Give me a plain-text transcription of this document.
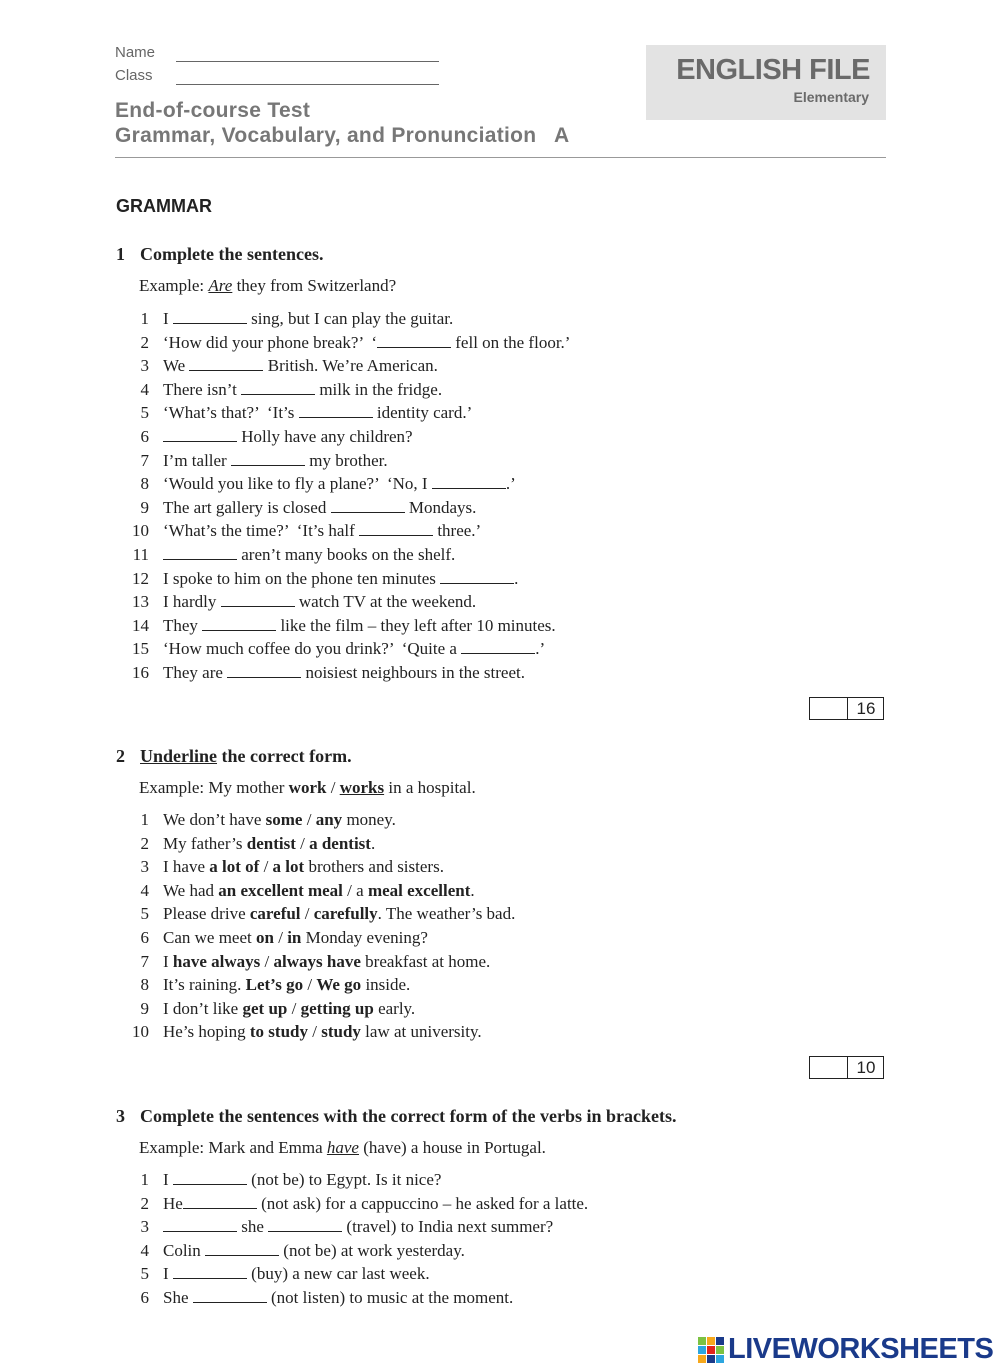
Name
Class
End-of-course Test
Grammar, Vocabulary, and Pronunciation   A
ENGLISH FILE
Elementary
GRAMMAR
1 Complete the sentences.
Example: Are they from Switzerland?
1 I	sing, but I can play the guitar.
2 ‘How did your phone break?’  ‘	fell on the floor.’
3 We	British. We’re American.
4 There isn’t	milk in the fridge.
5 ‘What’s that?’  ‘It’s	identity card.’
6	Holly have any children?
7 I’m taller	my brother.
8 ‘Would you like to fly a plane?’  ‘No, I	.’
9 The art gallery is closed	Mondays.
10 ‘What’s the time?’  ‘It’s half	three.’
11	aren’t many books on the shelf.
12 I spoke to him on the phone ten minutes	.
13 I hardly	watch TV at the weekend.
14 They	like the film – they left after 10 minutes.
15 ‘How much coffee do you drink?’  ‘Quite a	.’
16 They are	noisiest neighbours in the street.
16
2 Underline the correct form.
Example: My mother work / works in a hospital.
1 We don’t have some / any money.
2 My father’s dentist / a dentist.
3 I have a lot of / a lot brothers and sisters.
4 We had an excellent meal / a meal excellent.
5 Please drive careful / carefully. The weather’s bad.
6 Can we meet on / in Monday evening?
7 I have always / always have breakfast at home.
8 It’s raining. Let’s go / We go inside.
9 I don’t like get up / getting up early.
10 He’s hoping to study / study law at university.
10
3 Complete the sentences with the correct form of the verbs in brackets.
Example: Mark and Emma have (have) a house in Portugal.
1 I	(not be) to Egypt. Is it nice?
2 He	(not ask) for a cappuccino – he asked for a latte.
3	she	(travel) to India next summer?
4 Colin	(not be) at work yesterday.
5 I	(buy) a new car last week.
6 She	(not listen) to music at the moment.
LIVEWORKSHEETS
